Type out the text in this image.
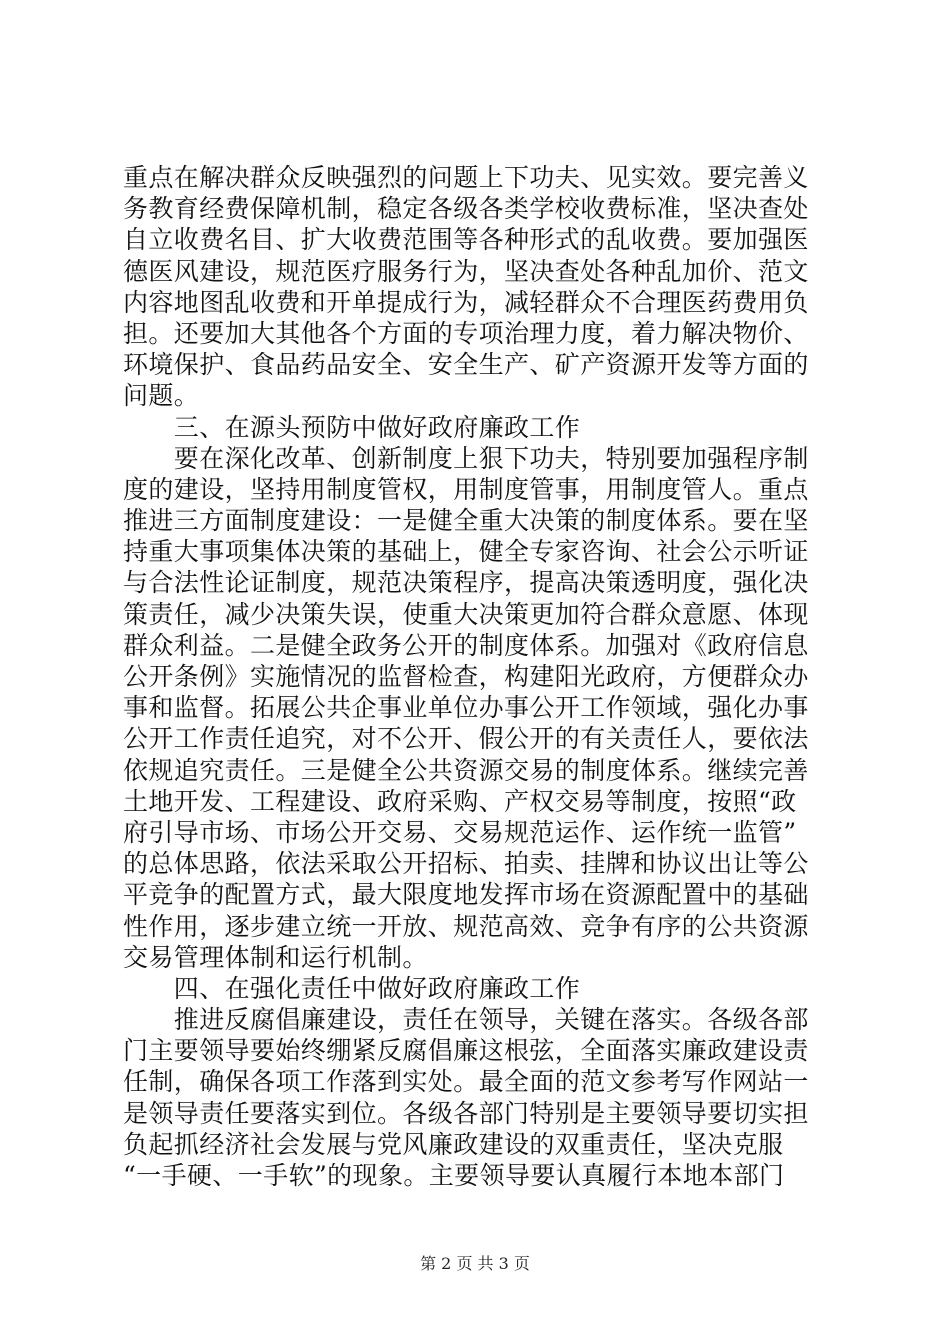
重点在解决群众反映强烈的问题上下功夫、见实效。要完善义
务教育经费保障机制，稳定各级各类学校收费标准，坚决查处
自立收费名目、扩大收费范围等各种形式的乱收费。要加强医
德医风建设，规范医疗服务行为，坚决查处各种乱加价、范文
内容地图乱收费和开单提成行为，减轻群众不合理医药费用负
担。还要加大其他各个方面的专项治理力度，着力解决物价、
环境保护、食品药品安全、安全生产、矿产资源开发等方面的
问题。
　　三、在源头预防中做好政府廉政工作
　　要在深化改革、创新制度上狠下功夫，特别要加强程序制
度的建设，坚持用制度管权，用制度管事，用制度管人。重点
推进三方面制度建设：一是健全重大决策的制度体系。要在坚
持重大事项集体决策的基础上，健全专家咨询、社会公示听证
与合法性论证制度，规范决策程序，提高决策透明度，强化决
策责任，减少决策失误，使重大决策更加符合群众意愿、体现
群众利益。二是健全政务公开的制度体系。加强对《政府信息
公开条例》实施情况的监督检查，构建阳光政府，方便群众办
事和监督。拓展公共企事业单位办事公开工作领域，强化办事
公开工作责任追究，对不公开、假公开的有关责任人，要依法
依规追究责任。三是健全公共资源交易的制度体系。继续完善
土地开发、工程建设、政府采购、产权交易等制度，按照“政
府引导市场、市场公开交易、交易规范运作、运作统一监管”
的总体思路，依法采取公开招标、拍卖、挂牌和协议出让等公
平竞争的配置方式，最大限度地发挥市场在资源配置中的基础
性作用，逐步建立统一开放、规范高效、竞争有序的公共资源
交易管理体制和运行机制。
　　四、在强化责任中做好政府廉政工作
　　推进反腐倡廉建设，责任在领导，关键在落实。各级各部
门主要领导要始终绷紧反腐倡廉这根弦，全面落实廉政建设责
任制，确保各项工作落到实处。最全面的范文参考写作网站一
是领导责任要落实到位。各级各部门特别是主要领导要切实担
负起抓经济社会发展与党风廉政建设的双重责任，坚决克服
“一手硬、一手软”的现象。主要领导要认真履行本地本部门
第 2 页 共 3 页
